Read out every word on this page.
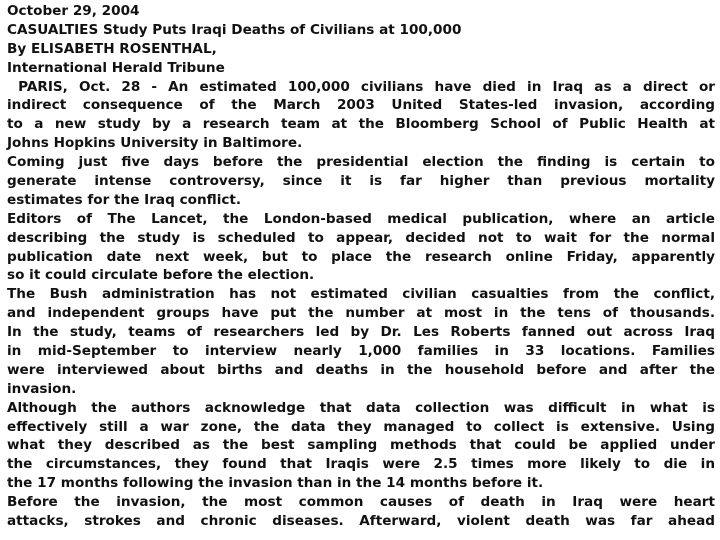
October 29, 2004
CASUALTIES Study Puts Iraqi Deaths of Civilians at 100,000
By ELISABETH ROSENTHAL,
International Herald Tribune
PARIS, Oct. 28 - An estimated 100,000 civilians have died in Iraq as a direct or
indirect consequence of the March 2003 United States-led invasion, according
to a new study by a research team at the Bloomberg School of Public Health at
Johns Hopkins University in Baltimore.
Coming just five days before the presidential election the finding is certain to
generate intense controversy, since it is far higher than previous mortality
estimates for the Iraq conflict.
Editors of The Lancet, the London-based medical publication, where an article
describing the study is scheduled to appear, decided not to wait for the normal
publication date next week, but to place the research online Friday, apparently
so it could circulate before the election.
The Bush administration has not estimated civilian casualties from the conflict,
and independent groups have put the number at most in the tens of thousands.
In the study, teams of researchers led by Dr. Les Roberts fanned out across Iraq
in mid-September to interview nearly 1,000 families in 33 locations. Families
were interviewed about births and deaths in the household before and after the
invasion.
Although the authors acknowledge that data collection was difficult in what is
effectively still a war zone, the data they managed to collect is extensive. Using
what they described as the best sampling methods that could be applied under
the circumstances, they found that Iraqis were 2.5 times more likely to die in
the 17 months following the invasion than in the 14 months before it.
Before the invasion, the most common causes of death in Iraq were heart
attacks, strokes and chronic diseases. Afterward, violent death was far ahead
